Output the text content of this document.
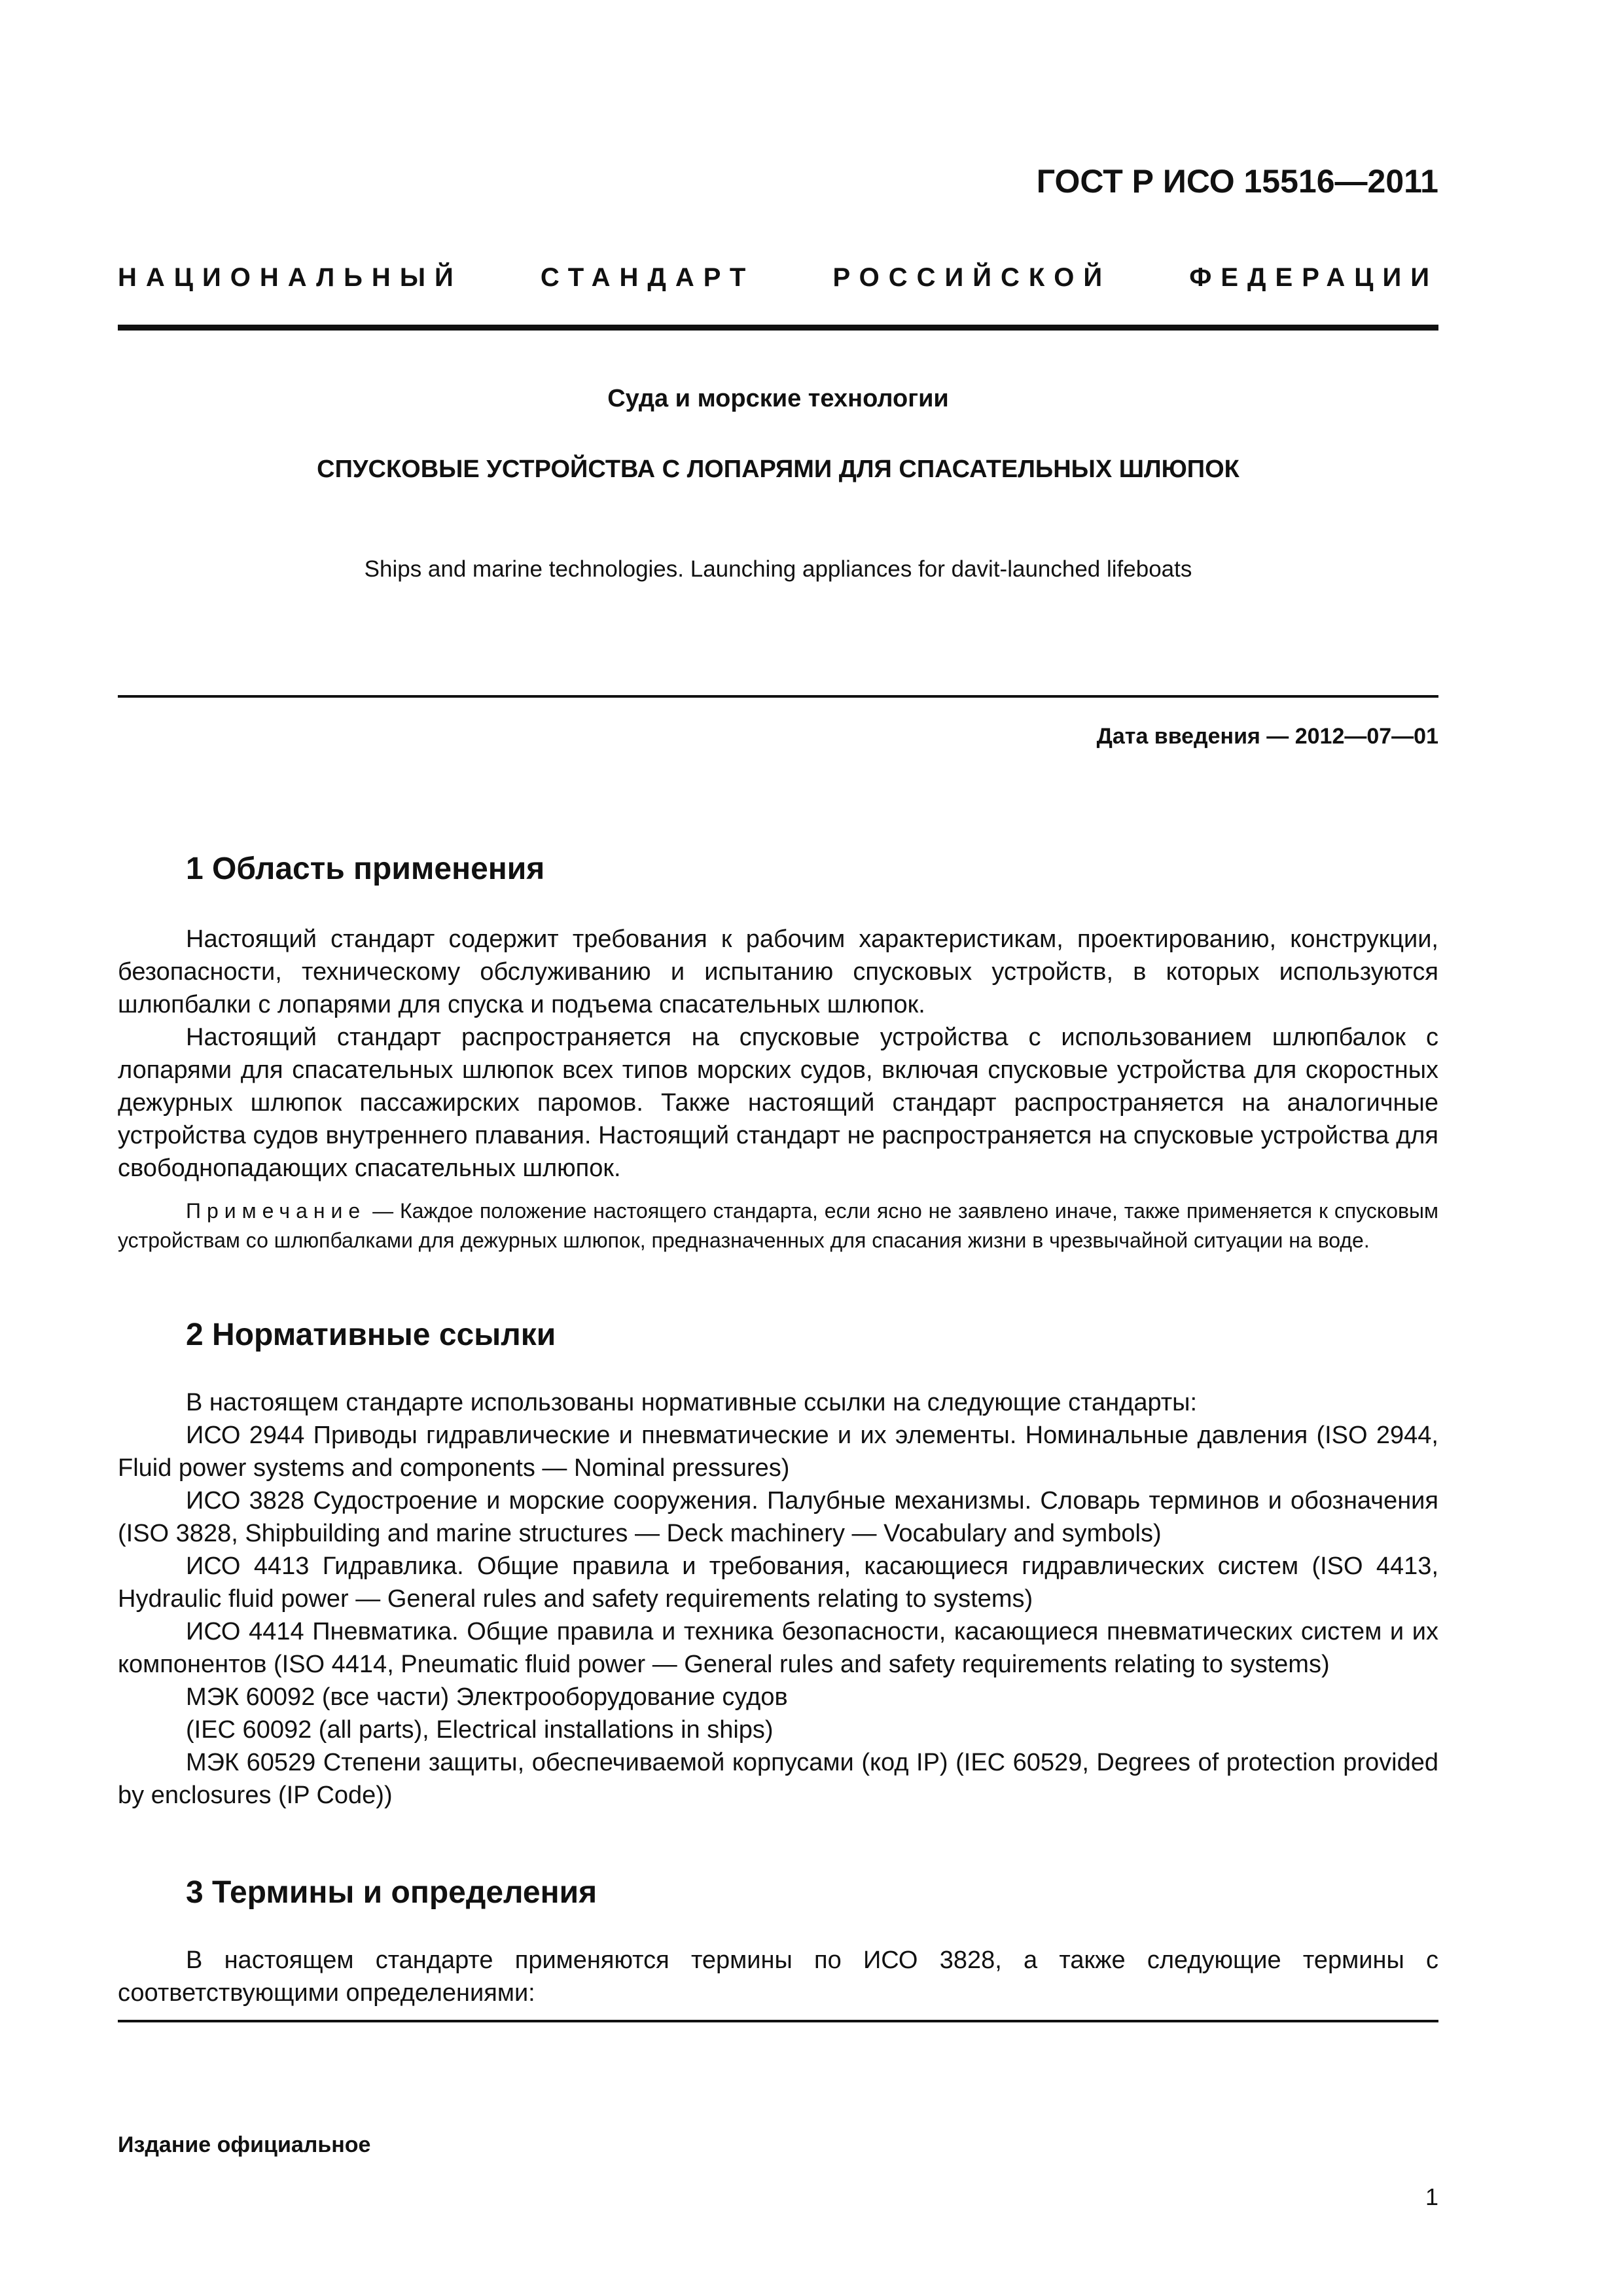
ГОСТ Р ИСО 15516—2011
НАЦИОНАЛЬНЫЙ	СТАНДАРТ	РОССИЙСКОЙ	ФЕДЕРАЦИИ
Суда и морские технологии
СПУСКОВЫЕ УСТРОЙСТВА С ЛОПАРЯМИ ДЛЯ СПАСАТЕЛЬНЫХ ШЛЮПОК
Ships and marine technologies. Launching appliances for davit-launched lifeboats
Дата введения — 2012—07—01
1 Область применения

Настоящий стандарт содержит требования к рабочим характеристикам, проектированию, конструкции, безопасности, техническому обслуживанию и испытанию спусковых устройств, в которых используются шлюпбалки с лопарями для спуска и подъема спасательных шлюпок.

Настоящий стандарт распространяется на спусковые устройства с использованием шлюпбалок с лопарями для спасательных шлюпок всех типов морских судов, включая спусковые устройства для скоростных дежурных шлюпок пассажирских паромов. Также настоящий стандарт распространяется на аналогичные устройства судов внутреннего плавания. Настоящий стандарт не распространяется на спусковые устройства для свободнопадающих спасательных шлюпок.

Примечание — Каждое положение настоящего стандарта, если ясно не заявлено иначе, также применяется к спусковым устройствам со шлюпбалками для дежурных шлюпок, предназначенных для спасания жизни в чрезвычайной ситуации на воде.
2 Нормативные ссылки

В настоящем стандарте использованы нормативные ссылки на следующие стандарты:

ИСО 2944 Приводы гидравлические и пневматические и их элементы. Номинальные давления (ISO 2944, Fluid power systems and components — Nominal pressures)

ИСО 3828 Судостроение и морские сооружения. Палубные механизмы. Словарь терминов и обозначения (ISO 3828, Shipbuilding and marine structures — Deck machinery — Vocabulary and symbols)

ИСО 4413 Гидравлика. Общие правила и требования, касающиеся гидравлических систем (ISO 4413, Hydraulic fluid power — General rules and safety requirements relating to systems)

ИСО 4414 Пневматика. Общие правила и техника безопасности, касающиеся пневматических систем и их компонентов (ISO 4414, Pneumatic fluid power — General rules and safety requirements relating to systems)

МЭК 60092 (все части) Электрооборудование судов

(IEC 60092 (all parts), Electrical installations in ships)

МЭК 60529 Степени защиты, обеспечиваемой корпусами (код IP) (IEC 60529, Degrees of protection provided by enclosures (IP Code))

3 Термины и определения

В настоящем стандарте применяются термины по ИСО 3828, а также следующие термины с соответствующими определениями:

Издание официальное
1
